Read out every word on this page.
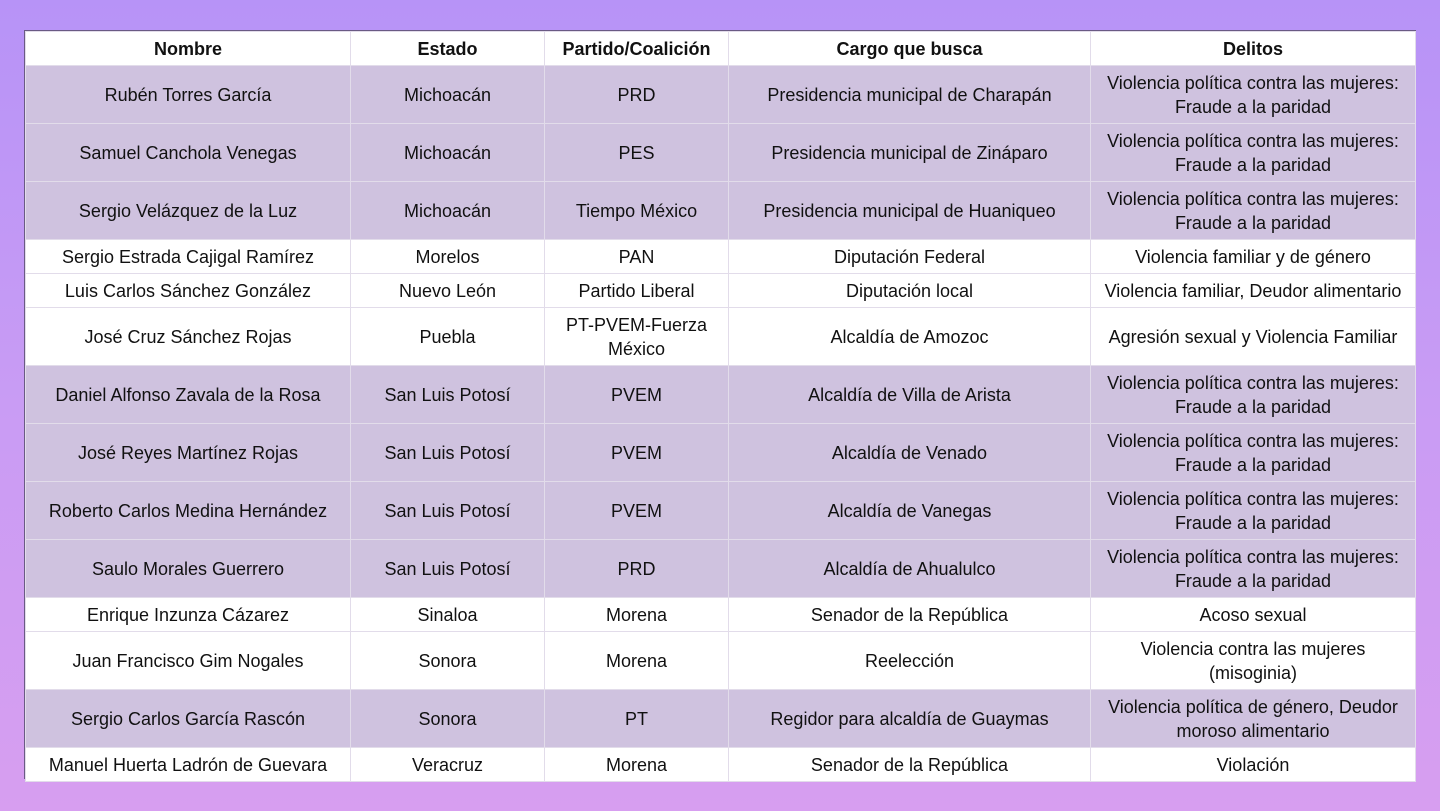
Nombre	Estado	Partido/Coalición	Cargo que busca	Delitos
Rubén Torres García	Michoacán	PRD	Presidencia municipal de Charapán	Violencia política contra las mujeres:
Fraude a la paridad

Samuel Canchola Venegas	Michoacán	PES	Presidencia municipal de Zináparo	Violencia política contra las mujeres:
Fraude a la paridad

Sergio Velázquez de la Luz	Michoacán	Tiempo México	Presidencia municipal de Huaniqueo	Violencia política contra las mujeres:
Fraude a la paridad

Sergio Estrada Cajigal Ramírez	Morelos	PAN	Diputación Federal	Violencia familiar y de género

Luis Carlos Sánchez González	Nuevo León	Partido Liberal	Diputación local	Violencia familiar, Deudor alimentario

José Cruz Sánchez Rojas	Puebla	PT-PVEM-Fuerza
México	Alcaldía de Amozoc	Agresión sexual y Violencia Familiar

Daniel Alfonso Zavala de la Rosa	San Luis Potosí	PVEM	Alcaldía de Villa de Arista	Violencia política contra las mujeres:
Fraude a la paridad

José Reyes Martínez Rojas	San Luis Potosí	PVEM	Alcaldía de Venado	Violencia política contra las mujeres:
Fraude a la paridad

Roberto Carlos Medina Hernández	San Luis Potosí	PVEM	Alcaldía de Vanegas	Violencia política contra las mujeres:
Fraude a la paridad

Saulo Morales Guerrero	San Luis Potosí	PRD	Alcaldía de Ahualulco	Violencia política contra las mujeres:
Fraude a la paridad

Enrique Inzunza Cázarez	Sinaloa	Morena	Senador de la República	Acoso sexual

Juan Francisco Gim Nogales	Sonora	Morena	Reelección	Violencia contra las mujeres
(misoginia)

Sergio Carlos García Rascón	Sonora	PT	Regidor para alcaldía de Guaymas	Violencia política de género, Deudor
moroso alimentario

Manuel Huerta Ladrón de Guevara	Veracruz	Morena	Senador de la República	Violación
